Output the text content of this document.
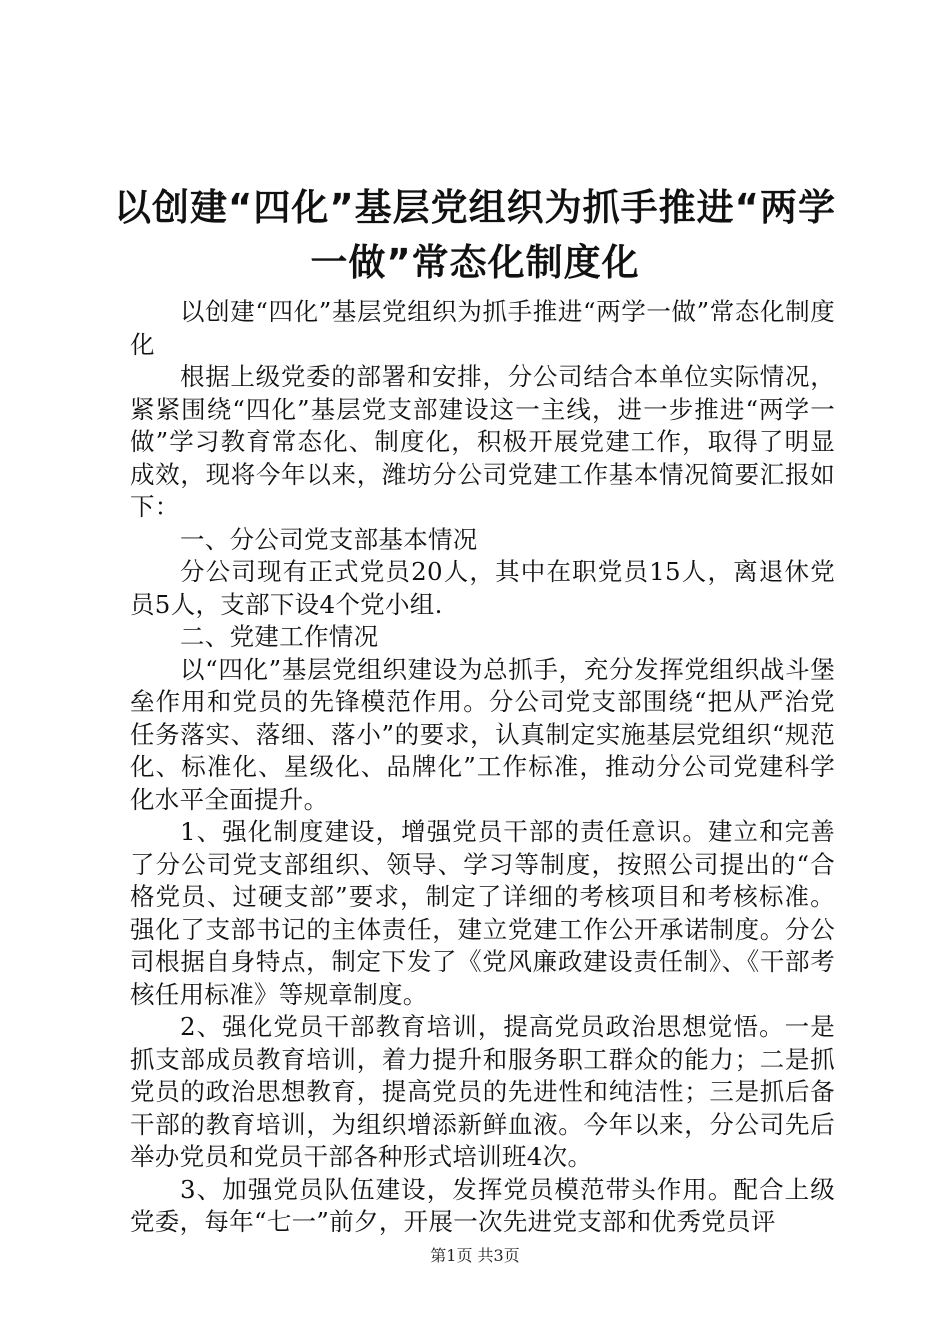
以创建“四化”基层党组织为抓手推进“两学
一做”常态化制度化

以创建“四化”基层党组织为抓手推进“两学一做”常态化制度化

根据上级党委的部署和安排，分公司结合本单位实际情况，紧紧围绕“四化”基层党支部建设这一主线，进一步推进“两学一做”学习教育常态化、制度化，积极开展党建工作，取得了明显成效，现将今年以来，潍坊分公司党建工作基本情况简要汇报如下：

一、分公司党支部基本情况

分公司现有正式党员20人，其中在职党员15人，离退休党员5人，支部下设4个党小组.

二、党建工作情况

以“四化”基层党组织建设为总抓手，充分发挥党组织战斗堡垒作用和党员的先锋模范作用。分公司党支部围绕“把从严治党任务落实、落细、落小”的要求，认真制定实施基层党组织“规范化、标准化、星级化、品牌化”工作标准，推动分公司党建科学化水平全面提升。

1、强化制度建设，增强党员干部的责任意识。建立和完善了分公司党支部组织、领导、学习等制度，按照公司提出的“合格党员、过硬支部”要求，制定了详细的考核项目和考核标准。强化了支部书记的主体责任，建立党建工作公开承诺制度。分公司根据自身特点，制定下发了《党风廉政建设责任制》、《干部考核任用标准》等规章制度。

2、强化党员干部教育培训，提高党员政治思想觉悟。一是抓支部成员教育培训，着力提升和服务职工群众的能力；二是抓党员的政治思想教育，提高党员的先进性和纯洁性；三是抓后备干部的教育培训，为组织增添新鲜血液。今年以来，分公司先后举办党员和党员干部各种形式培训班4次。

3、加强党员队伍建设，发挥党员模范带头作用。配合上级党委，每年“七一”前夕，开展一次先进党支部和优秀党员评

第1页 共3页
